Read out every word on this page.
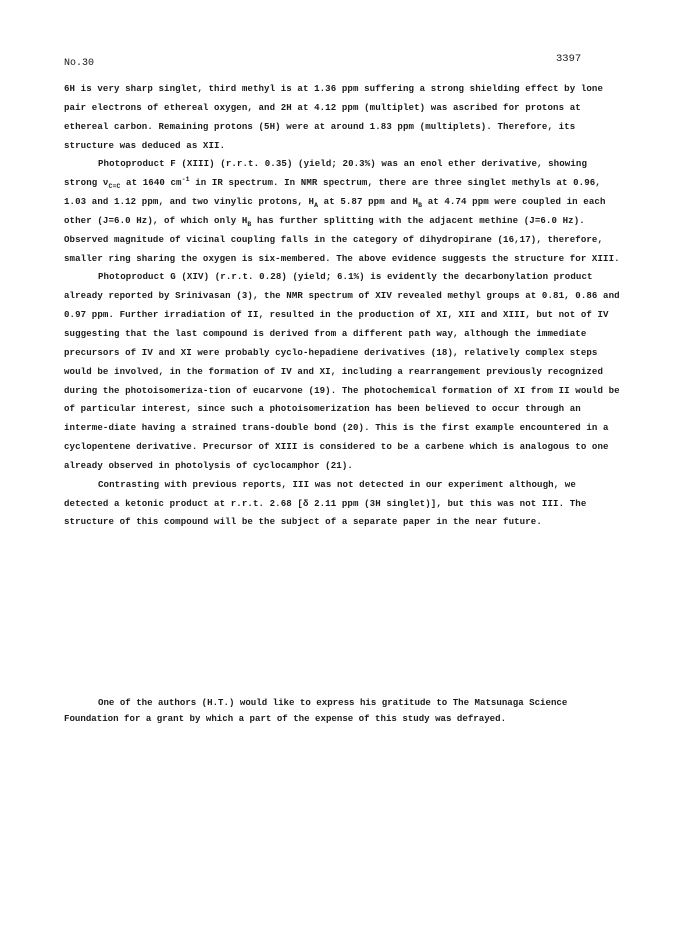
No.30	3397

6H is very sharp singlet, third methyl is at 1.36 ppm suffering a strong shielding effect by lone pair electrons of ethereal oxygen, and 2H at 4.12 ppm (multiplet) was ascribed for protons at ethereal carbon. Remaining protons (5H) were at around 1.83 ppm (multiplets). Therefore, its structure was deduced as XII.

Photoproduct F (XIII) (r.r.t. 0.35) (yield; 20.3%) was an enol ether derivative, showing strong $\nu_{C=C}$ at 1640 $cm^{-1}$ in IR spectrum. In NMR spectrum, there are three singlet methyls at 0.96, 1.03 and 1.12 ppm, and two vinylic protons, $H_A$ at 5.87 ppm and $H_B$ at 4.74 ppm were coupled in each other (J=6.0 Hz), of which only $H_B$ has further splitting with the adjacent methine (J=6.0 Hz). Observed magnitude of vicinal coupling falls in the category of dihydropirane (16,17), therefore, smaller ring sharing the oxygen is six-membered. The above evidence suggests the structure for XIII.

Photoproduct G (XIV) (r.r.t. 0.28) (yield; 6.1%) is evidently the decarbonylation product already reported by Srinivasan (3), the NMR spectrum of XIV revealed methyl groups at 0.81, 0.86 and 0.97 ppm. Further irradiation of II, resulted in the production of XI, XII and XIII, but not of IV suggesting that the last compound is derived from a different path way, although the immediate precursors of IV and XI were probably cyclo-hepadiene derivatives (18), relatively complex steps would be involved, in the formation of IV and XI, including a rearrangement previously recognized during the photoisomeriza-tion of eucarvone (19). The photochemical formation of XI from II would be of particular interest, since such a photoisomerization has been believed to occur through an interme-diate having a strained trans-double bond (20). This is the first example encountered in a cyclopentene derivative. Precursor of XIII is considered to be a carbene which is analogous to one already observed in photolysis of cyclocamphor (21).

Contrasting with previous reports, III was not detected in our experiment although, we detected a ketonic product at r.r.t. 2.68 [δ 2.11 ppm (3H singlet)], but this was not III. The structure of this compound will be the subject of a separate paper in the near future.

One of the authors (H.T.) would like to express his gratitude to The Matsunaga Science Foundation for a grant by which a part of the expense of this study was defrayed.
